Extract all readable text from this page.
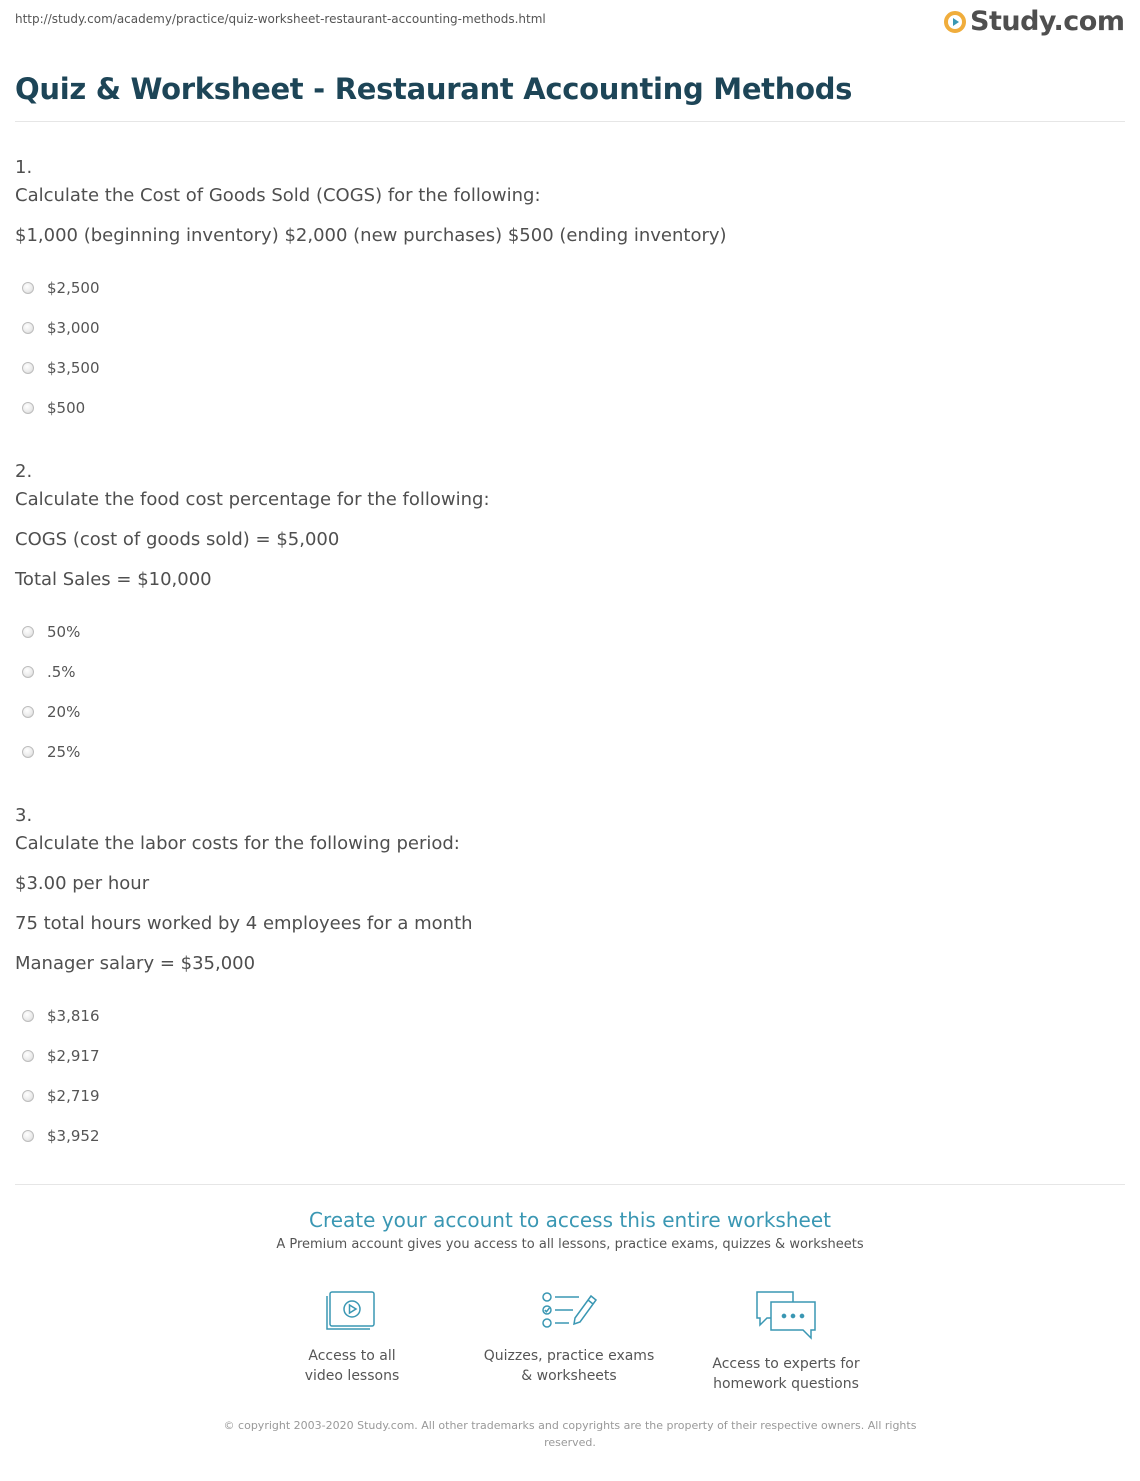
http://study.com/academy/practice/quiz-worksheet-restaurant-accounting-methods.html	Study.com
Quiz & Worksheet - Restaurant Accounting Methods
1.
Calculate the Cost of Goods Sold (COGS) for the following:
$1,000 (beginning inventory) $2,000 (new purchases) $500 (ending inventory)
$2,500
$3,000
$3,500
$500
2.
Calculate the food cost percentage for the following:
COGS (cost of goods sold) = $5,000
Total Sales = $10,000
50%
.5%
20%
25%
3.
Calculate the labor costs for the following period:
$3.00 per hour
75 total hours worked by 4 employees for a month
Manager salary = $35,000
$3,816
$2,917
$2,719
$3,952
Create your account to access this entire worksheet
A Premium account gives you access to all lessons, practice exams, quizzes & worksheets
Access to all
video lessons
Quizzes, practice exams
& worksheets
Access to experts for
homework questions
© copyright 2003-2020 Study.com. All other trademarks and copyrights are the property of their respective owners. All rights
reserved.
